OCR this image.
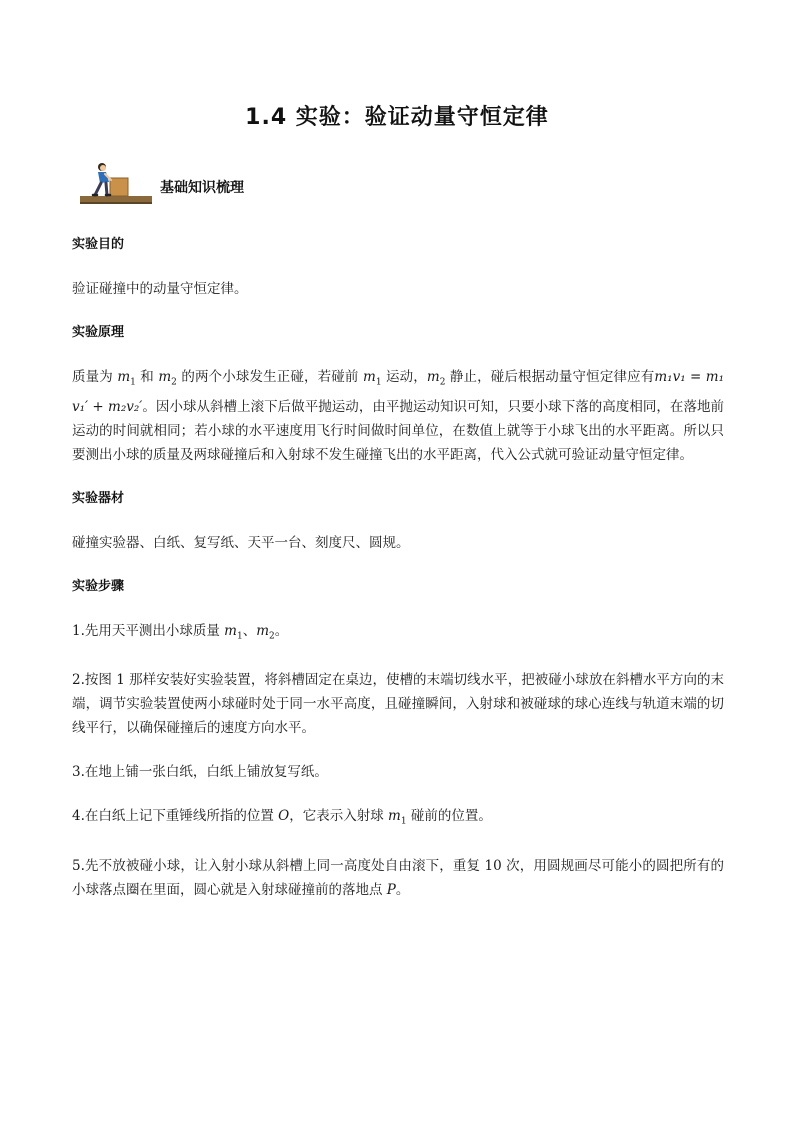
1.4 实验：验证动量守恒定律
基础知识梳理
实验目的
验证碰撞中的动量守恒定律。
实验原理
质量为 $m_1$ 和 $m_2$ 的两个小球发生正碰，若碰前 $m_1$ 运动，$m_2$ 静止，碰后根据动量守恒定律应有m₁v₁ = m₁v₁′ + m₂v₂′。因小球从斜槽上滚下后做平抛运动，由平抛运动知识可知，只要小球下落的高度相同，在落地前运动的时间就相同；若小球的水平速度用飞行时间做时间单位，在数值上就等于小球飞出的水平距离。所以只要测出小球的质量及两球碰撞后和入射球不发生碰撞飞出的水平距离，代入公式就可验证动量守恒定律。
实验器材
碰撞实验器、白纸、复写纸、天平一台、刻度尺、圆规。
实验步骤
1.先用天平测出小球质量 $m_1$、$m_2$。
2.按图 1 那样安装好实验装置，将斜槽固定在桌边，使槽的末端切线水平，把被碰小球放在斜槽水平方向的末端，调节实验装置使两小球碰时处于同一水平高度，且碰撞瞬间，入射球和被碰球的球心连线与轨道末端的切线平行，以确保碰撞后的速度方向水平。
3.在地上铺一张白纸，白纸上铺放复写纸。
4.在白纸上记下重锤线所指的位置 O，它表示入射球 $m_1$ 碰前的位置。
5.先不放被碰小球，让入射小球从斜槽上同一高度处自由滚下，重复 10 次，用圆规画尽可能小的圆把所有的小球落点圈在里面，圆心就是入射球碰撞前的落地点 P。
